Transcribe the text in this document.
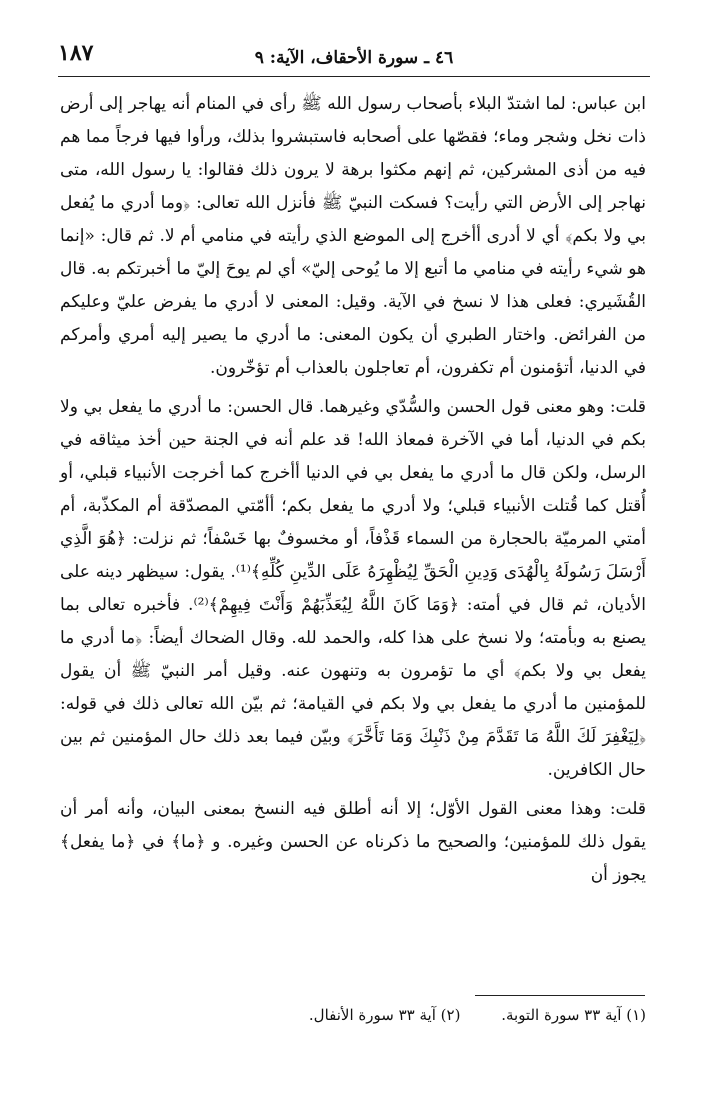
١٨٧	٤٦ ـ سورة الأحقاف، الآية: ٩

ابن عباس: لما اشتدّ البلاء بأصحاب رسول الله ﷺ رأى في المنام أنه يهاجر إلى أرض ذات نخل وشجر وماء؛ فقصّها على أصحابه فاستبشروا بذلك، ورأوا فيها فرجاً مما هم فيه من أذى المشركين، ثم إنهم مكثوا برهة لا يرون ذلك فقالوا: يا رسول الله، متى نهاجر إلى الأرض التي رأيت؟ فسكت النبيّ ﷺ فأنزل الله تعالى: ﴿وما أدري ما يُفعل بي ولا بكم﴾ أي لا أدرى أأخرج إلى الموضع الذي رأيته في منامي أم لا. ثم قال: «إنما هو شيء رأيته في منامي ما أتبع إلا ما يُوحى إليّ» أي لم يوحَ إليّ ما أخبرتكم به. قال القُشَيري: فعلى هذا لا نسخ في الآية. وقيل: المعنى لا أدري ما يفرض عليّ وعليكم من الفرائض. واختار الطبري أن يكون المعنى: ما أدري ما يصير إليه أمري وأمركم في الدنيا، أتؤمنون أم تكفرون، أم تعاجلون بالعذاب أم تؤخّرون.

قلت: وهو معنى قول الحسن والسُّدّي وغيرهما. قال الحسن: ما أدري ما يفعل بي ولا بكم في الدنيا، أما في الآخرة فمعاذ الله! قد علم أنه في الجنة حين أخذ ميثاقه في الرسل، ولكن قال ما أدري ما يفعل بي في الدنيا أأخرج كما أخرجت الأنبياء قبلي، أو أُقتل كما قُتلت الأنبياء قبلي؛ ولا أدري ما يفعل بكم؛ أأمّتي المصدّقة أم المكذّبة، أم أمتي المرميّة بالحجارة من السماء قَذْفاً، أو مخسوفٌ بها خَسْفاً؛ ثم نزلت: ﴿هُوَ الَّذِي أَرْسَلَ رَسُولَهُ بِالْهُدَى وَدِينِ الْحَقِّ لِيُظْهِرَهُ عَلَى الدِّينِ كُلِّهِ﴾⁽¹⁾. يقول: سيظهر دينه على الأديان، ثم قال في أمته: ﴿وَمَا كَانَ اللَّهُ لِيُعَذِّبَهُمْ وَأَنْتَ فِيهِمْ﴾⁽²⁾. فأخبره تعالى بما يصنع به وبأمته؛ ولا نسخ على هذا كله، والحمد لله. وقال الضحاك أيضاً: ﴿ما أدري ما يفعل بي ولا بكم﴾ أي ما تؤمرون به وتنهون عنه. وقيل أمر النبيّ ﷺ أن يقول للمؤمنين ما أدري ما يفعل بي ولا بكم في القيامة؛ ثم بيّن الله تعالى ذلك في قوله: ﴿لِيَغْفِرَ لَكَ اللَّهُ مَا تَقَدَّمَ مِنْ ذَنْبِكَ وَمَا تَأَخَّرَ﴾ وبيّن فيما بعد ذلك حال المؤمنين ثم بين حال الكافرين.

قلت: وهذا معنى القول الأوّل؛ إلا أنه أطلق فيه النسخ بمعنى البيان، وأنه أمر أن يقول ذلك للمؤمنين؛ والصحيح ما ذكرناه عن الحسن وغيره. و ﴿ما﴾ في ﴿ما يفعل﴾ يجوز أن

(١) آية ٣٣ سورة التوبة. (٢) آية ٣٣ سورة الأنفال.
